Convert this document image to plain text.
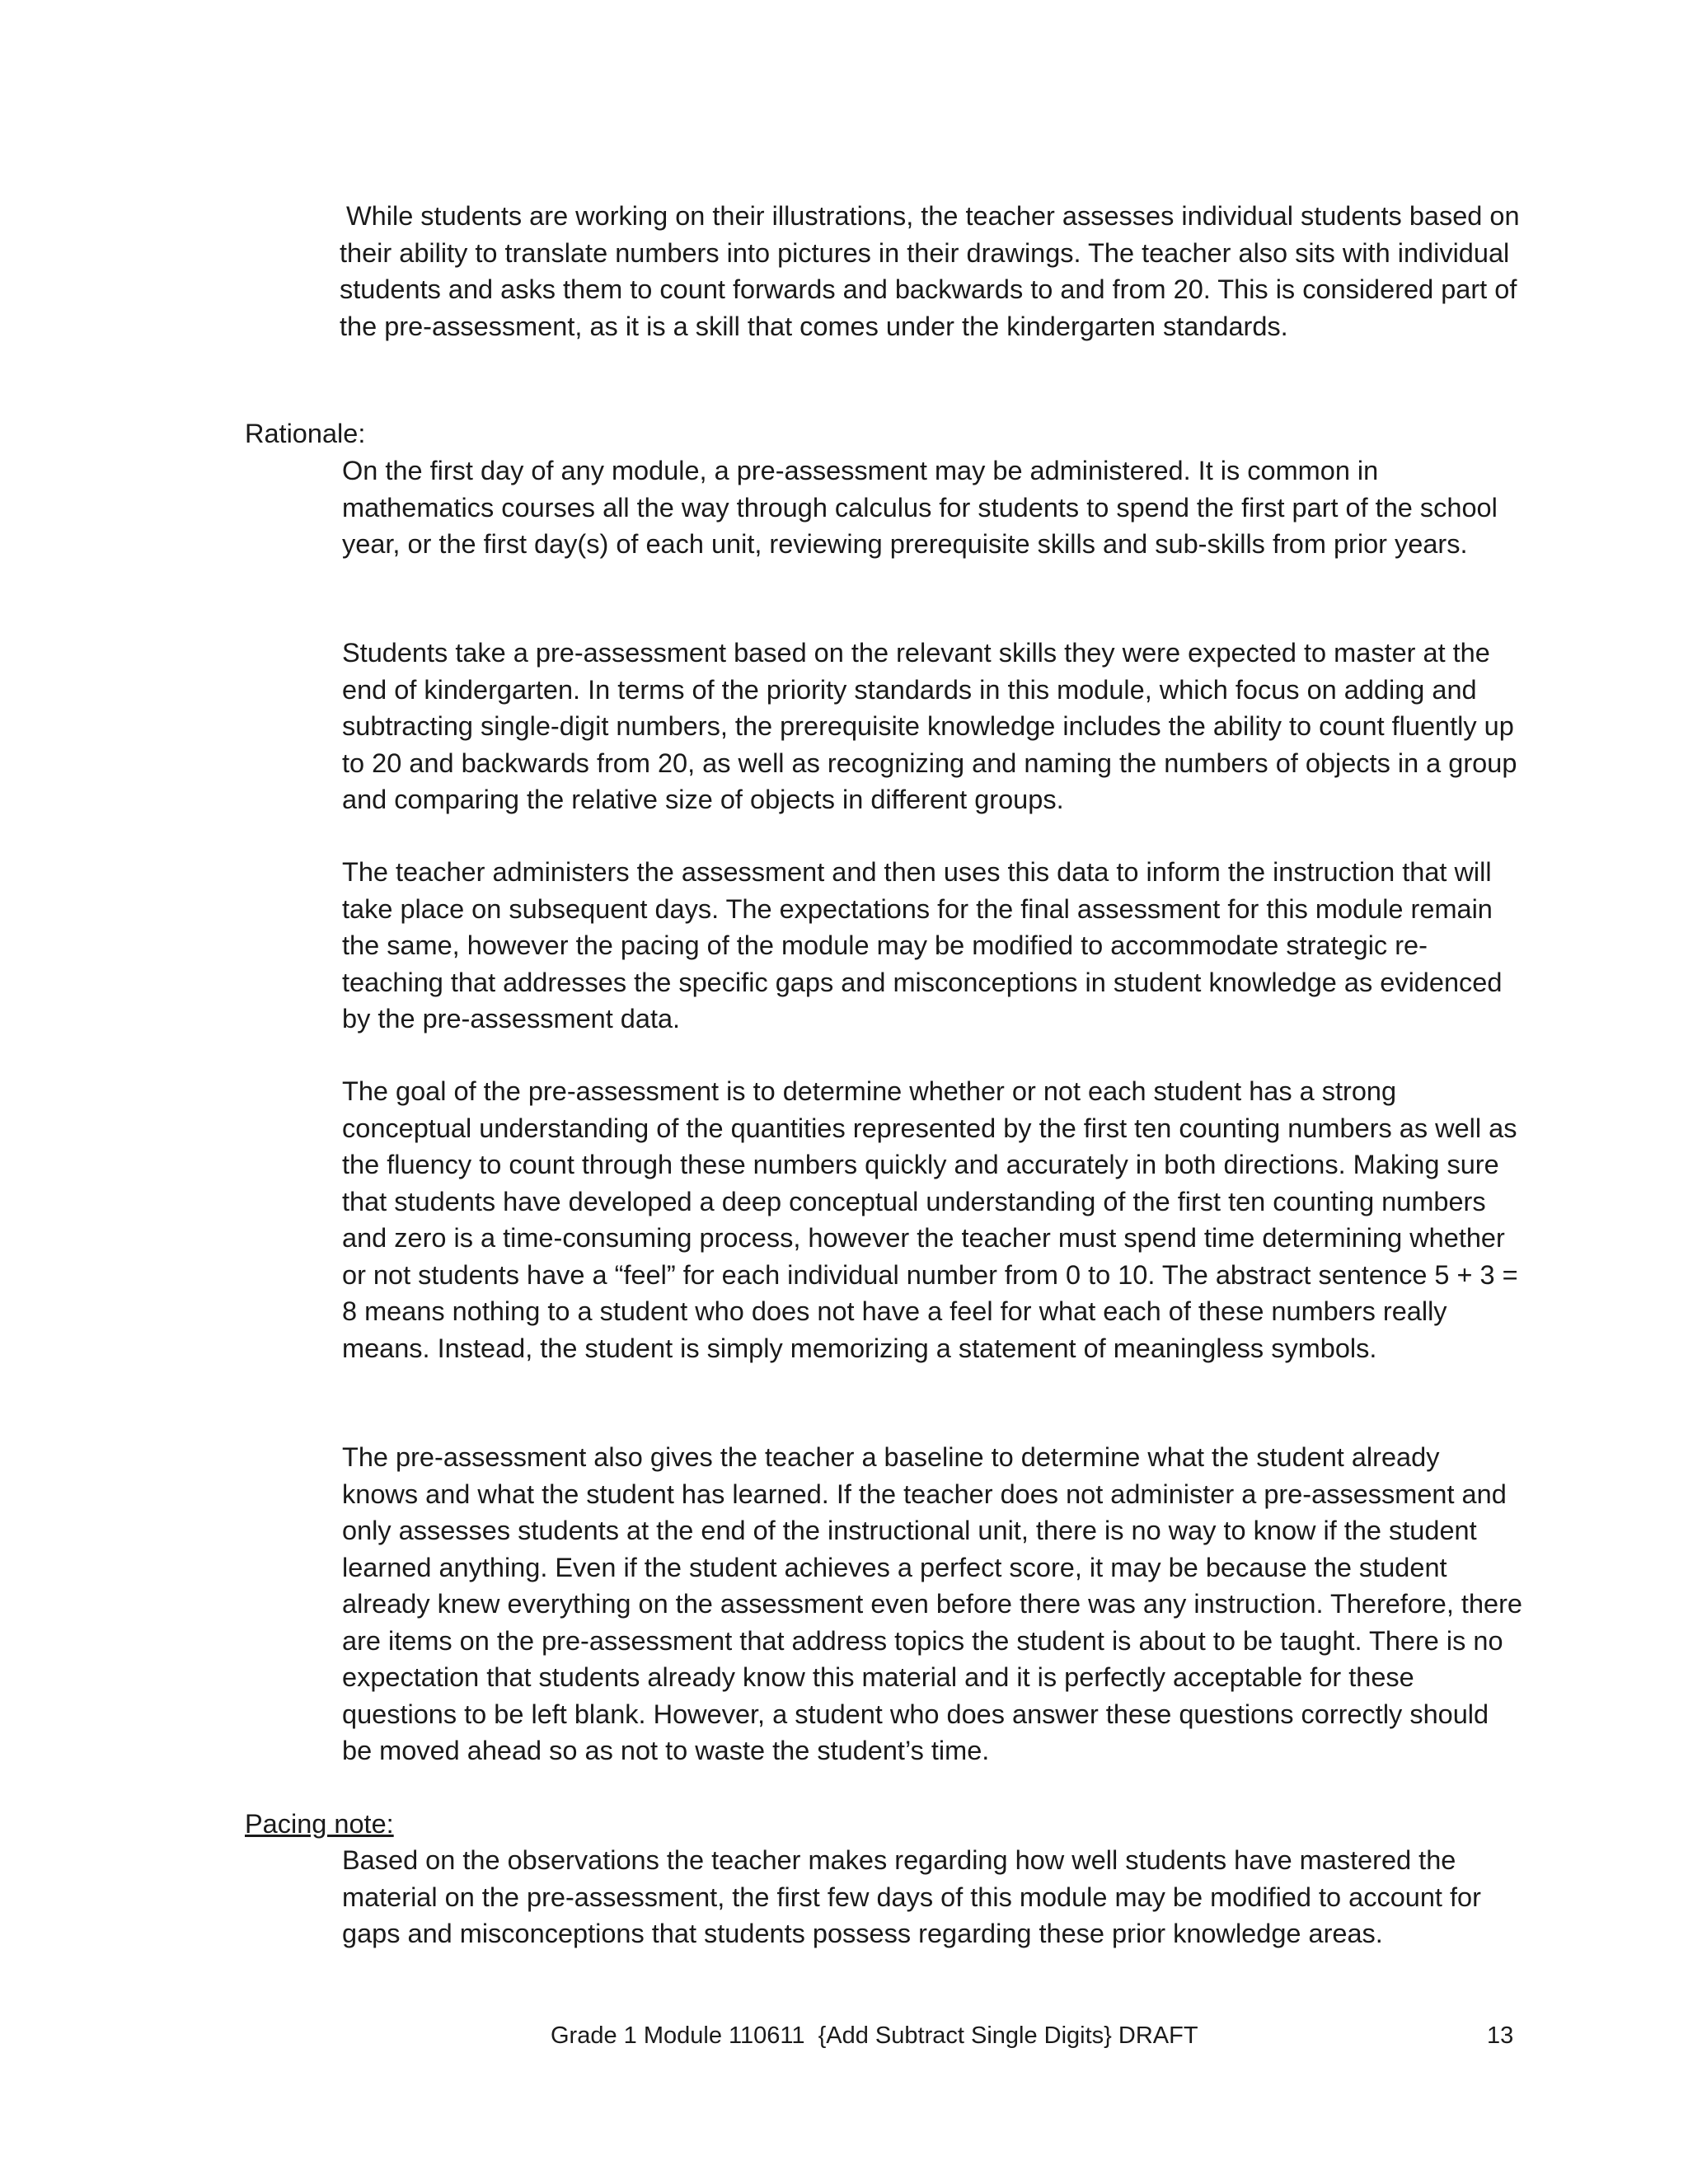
While students are working on their illustrations, the teacher assesses individual students based on their ability to translate numbers into pictures in their drawings. The teacher also sits with individual students and asks them to count forwards and backwards to and from 20. This is considered part of the pre-assessment, as it is a skill that comes under the kindergarten standards.

Rationale:

On the first day of any module, a pre-assessment may be administered. It is common in mathematics courses all the way through calculus for students to spend the first part of the school year, or the first day(s) of each unit, reviewing prerequisite skills and sub-skills from prior years.

Students take a pre-assessment based on the relevant skills they were expected to master at the end of kindergarten. In terms of the priority standards in this module, which focus on adding and subtracting single-digit numbers, the prerequisite knowledge includes the ability to count fluently up to 20 and backwards from 20, as well as recognizing and naming the numbers of objects in a group and comparing the relative size of objects in different groups.

The teacher administers the assessment and then uses this data to inform the instruction that will take place on subsequent days. The expectations for the final assessment for this module remain the same, however the pacing of the module may be modified to accommodate strategic re-teaching that addresses the specific gaps and misconceptions in student knowledge as evidenced by the pre-assessment data.

The goal of the pre-assessment is to determine whether or not each student has a strong conceptual understanding of the quantities represented by the first ten counting numbers as well as the fluency to count through these numbers quickly and accurately in both directions. Making sure that students have developed a deep conceptual understanding of the first ten counting numbers and zero is a time-consuming process, however the teacher must spend time determining whether or not students have a “feel” for each individual number from 0 to 10. The abstract sentence 5 + 3 = 8 means nothing to a student who does not have a feel for what each of these numbers really means. Instead, the student is simply memorizing a statement of meaningless symbols.

The pre-assessment also gives the teacher a baseline to determine what the student already knows and what the student has learned. If the teacher does not administer a pre-assessment and only assesses students at the end of the instructional unit, there is no way to know if the student learned anything. Even if the student achieves a perfect score, it may be because the student already knew everything on the assessment even before there was any instruction. Therefore, there are items on the pre-assessment that address topics the student is about to be taught. There is no expectation that students already know this material and it is perfectly acceptable for these questions to be left blank. However, a student who does answer these questions correctly should be moved ahead so as not to waste the student’s time.

Pacing note:

Based on the observations the teacher makes regarding how well students have mastered the material on the pre-assessment, the first few days of this module may be modified to account for gaps and misconceptions that students possess regarding these prior knowledge areas.

Grade 1 Module 110611  {Add Subtract Single Digits} DRAFT	13
